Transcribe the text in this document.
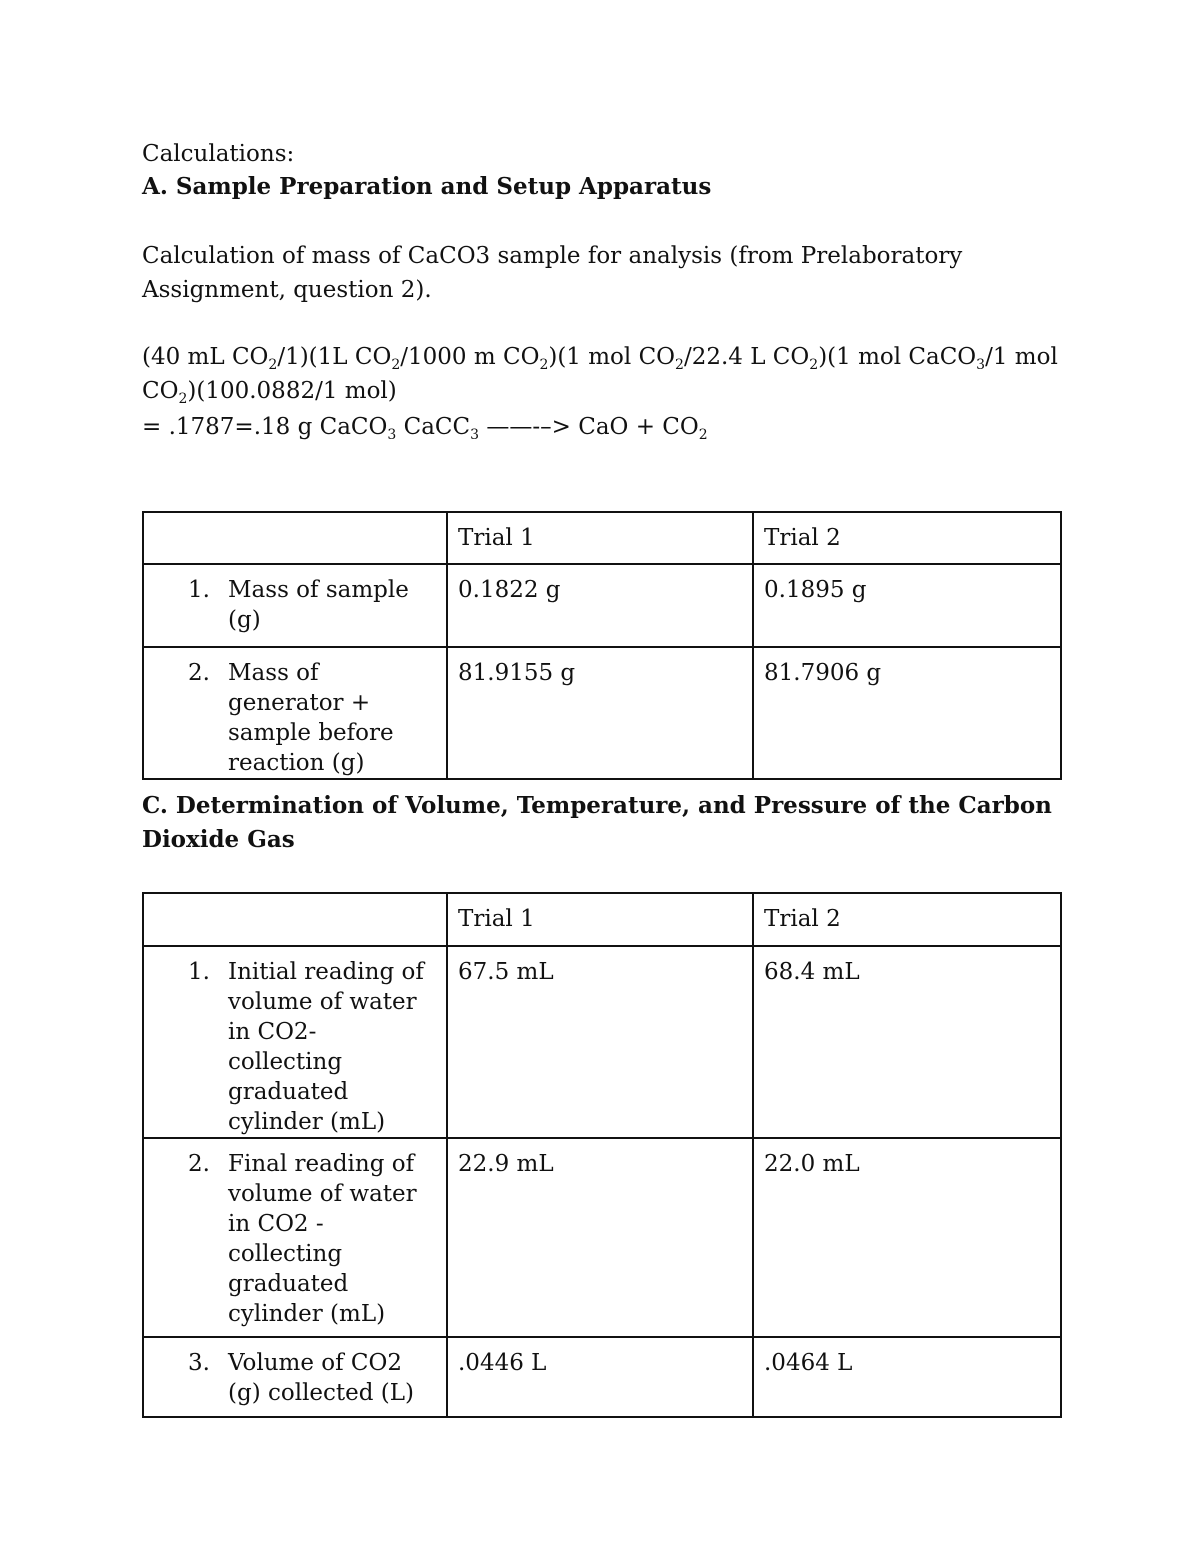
Calculations:
A. Sample Preparation and Setup Apparatus
Calculation of mass of CaCO3 sample for analysis (from Prelaboratory
Assignment, question 2).
(40 mL $CO_2/1)(1L$ $CO_2/1000$ m $CO_2)(1$ mol $CO_2/22.4$ L $CO_2)(1$ mol CaCO$_3$/1 mol
$CO_2)(100.0882/1$ mol)
= .1787=.18 g CaCO$_3$ CaCC$_3$ ——-–> CaO + $CO_2$
	Trial 1	Trial 2

1. Mass of sample (g)	0.1822 g	0.1895 g

2. Mass of generator + sample before reaction (g)	81.9155 g	81.7906 g
C. Determination of Volume, Temperature, and Pressure of the Carbon
Dioxide Gas
	Trial 1	Trial 2

1. Initial reading of volume of water in CO2- collecting graduated cylinder (mL)	67.5 mL	68.4 mL

2. Final reading of volume of water in CO2 -collecting graduated cylinder (mL)	22.9 mL	22.0 mL

3. Volume of CO2 (g) collected (L)	.0446 L	.0464 L
